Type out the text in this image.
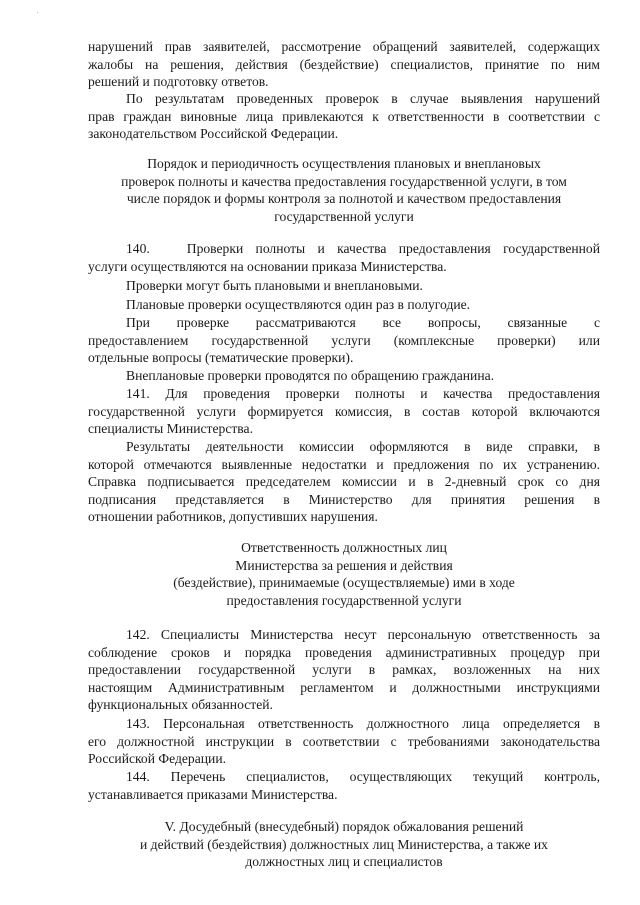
нарушений прав заявителей, рассмотрение обращений заявителей, содержащих
жалобы на решения, действия (бездействие) специалистов, принятие по ним
решений и подготовку ответов.
По результатам проведенных проверок в случае выявления нарушений
прав граждан виновные лица привлекаются к ответственности в соответствии с
законодательством Российской Федерации.
Порядок и периодичность осуществления плановых и внеплановых
проверок полноты и качества предоставления государственной услуги, в том
числе порядок и формы контроля за полнотой и качеством предоставления
государственной услуги
140.   Проверки полноты и качества предоставления государственной
услуги осуществляются на основании приказа Министерства.
Проверки могут быть плановыми и внеплановыми.
Плановые проверки осуществляются один раз в полугодие.
При проверке рассматриваются все вопросы, связанные с
предоставлением государственной услуги (комплексные проверки) или
отдельные вопросы (тематические проверки).
Внеплановые проверки проводятся по обращению гражданина.
141. Для проведения проверки полноты и качества предоставления
государственной услуги формируется комиссия, в состав которой включаются
специалисты Министерства.
Результаты деятельности комиссии оформляются в виде справки, в
которой отмечаются выявленные недостатки и предложения по их устранению.
Справка подписывается председателем комиссии и в 2-дневный срок со дня
подписания представляется в Министерство для принятия решения в
отношении работников, допустивших нарушения.
Ответственность должностных лиц
Министерства за решения и действия
(бездействие), принимаемые (осуществляемые) ими в ходе
предоставления государственной услуги
142. Специалисты Министерства несут персональную ответственность за
соблюдение сроков и порядка проведения административных процедур при
предоставлении государственной услуги в рамках, возложенных на них
настоящим Административным регламентом и должностными инструкциями
функциональных обязанностей.
143. Персональная ответственность должностного лица определяется в
его должностной инструкции в соответствии с требованиями законодательства
Российской Федерации.
144. Перечень специалистов, осуществляющих текущий контроль,
устанавливается приказами Министерства.
V. Досудебный (внесудебный) порядок обжалования решений
и действий (бездействия) должностных лиц Министерства, а также их
должностных лиц и специалистов
